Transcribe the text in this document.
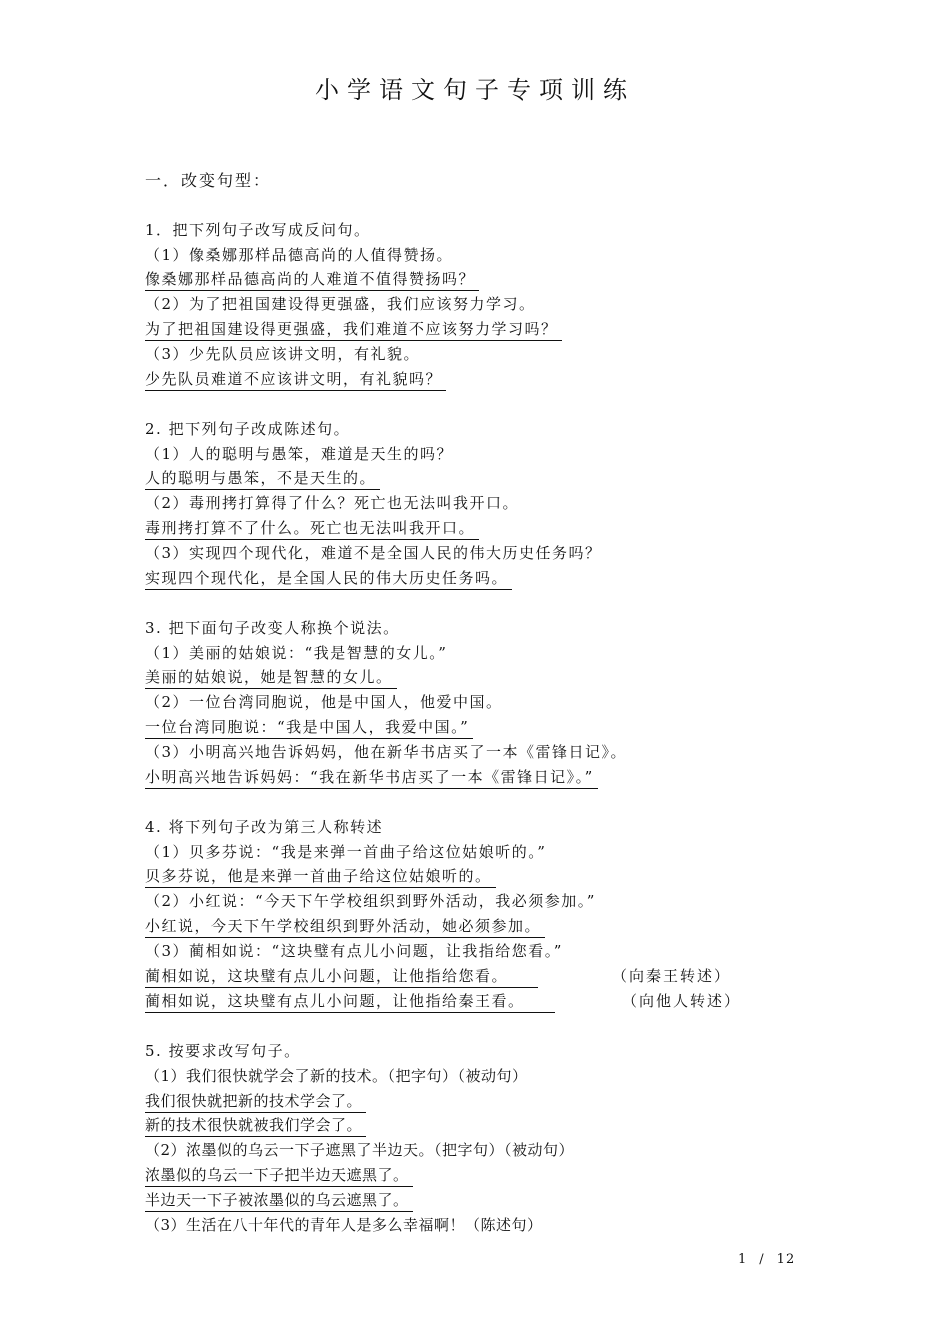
小学语文句子专项训练
一．改变句型：
1．把下列句子改写成反问句。
（1）像桑娜那样品德高尚的人值得赞扬。
像桑娜那样品德高尚的人难道不值得赞扬吗？
（2）为了把祖国建设得更强盛，我们应该努力学习。
为了把祖国建设得更强盛，我们难道不应该努力学习吗？
（3）少先队员应该讲文明，有礼貌。
少先队员难道不应该讲文明，有礼貌吗？
2. 把下列句子改成陈述句。
（1）人的聪明与愚笨，难道是天生的吗？
人的聪明与愚笨，不是天生的。
（2）毒刑拷打算得了什么？死亡也无法叫我开口。
毒刑拷打算不了什么。死亡也无法叫我开口。
（3）实现四个现代化，难道不是全国人民的伟大历史任务吗？
实现四个现代化，是全国人民的伟大历史任务吗。
3. 把下面句子改变人称换个说法。
（1）美丽的姑娘说：“我是智慧的女儿。”
美丽的姑娘说，她是智慧的女儿。
（2）一位台湾同胞说，他是中国人，他爱中国。
一位台湾同胞说：“我是中国人，我爱中国。”
（3）小明高兴地告诉妈妈，他在新华书店买了一本《雷锋日记》。
小明高兴地告诉妈妈：“我在新华书店买了一本《雷锋日记》。”
4. 将下列句子改为第三人称转述
（1）贝多芬说：“我是来弹一首曲子给这位姑娘听的。”
贝多芬说，他是来弹一首曲子给这位姑娘听的。
（2）小红说：“今天下午学校组织到野外活动，我必须参加。”
小红说，今天下午学校组织到野外活动，她必须参加。
（3）蔺相如说：“这块璧有点儿小问题，让我指给您看。”
蔺相如说，这块璧有点儿小问题，让他指给您看。	（向秦王转述）
蔺相如说，这块璧有点儿小问题，让他指给秦王看。	（向他人转述）
5. 按要求改写句子。
（1）我们很快就学会了新的技术。（把字句）（被动句）
我们很快就把新的技术学会了。
新的技术很快就被我们学会了。
（2）浓墨似的乌云一下子遮黑了半边天。（把字句）（被动句）
浓墨似的乌云一下子把半边天遮黑了。
半边天一下子被浓墨似的乌云遮黑了。
（3）生活在八十年代的青年人是多么幸福啊！（陈述句）
1 / 12
